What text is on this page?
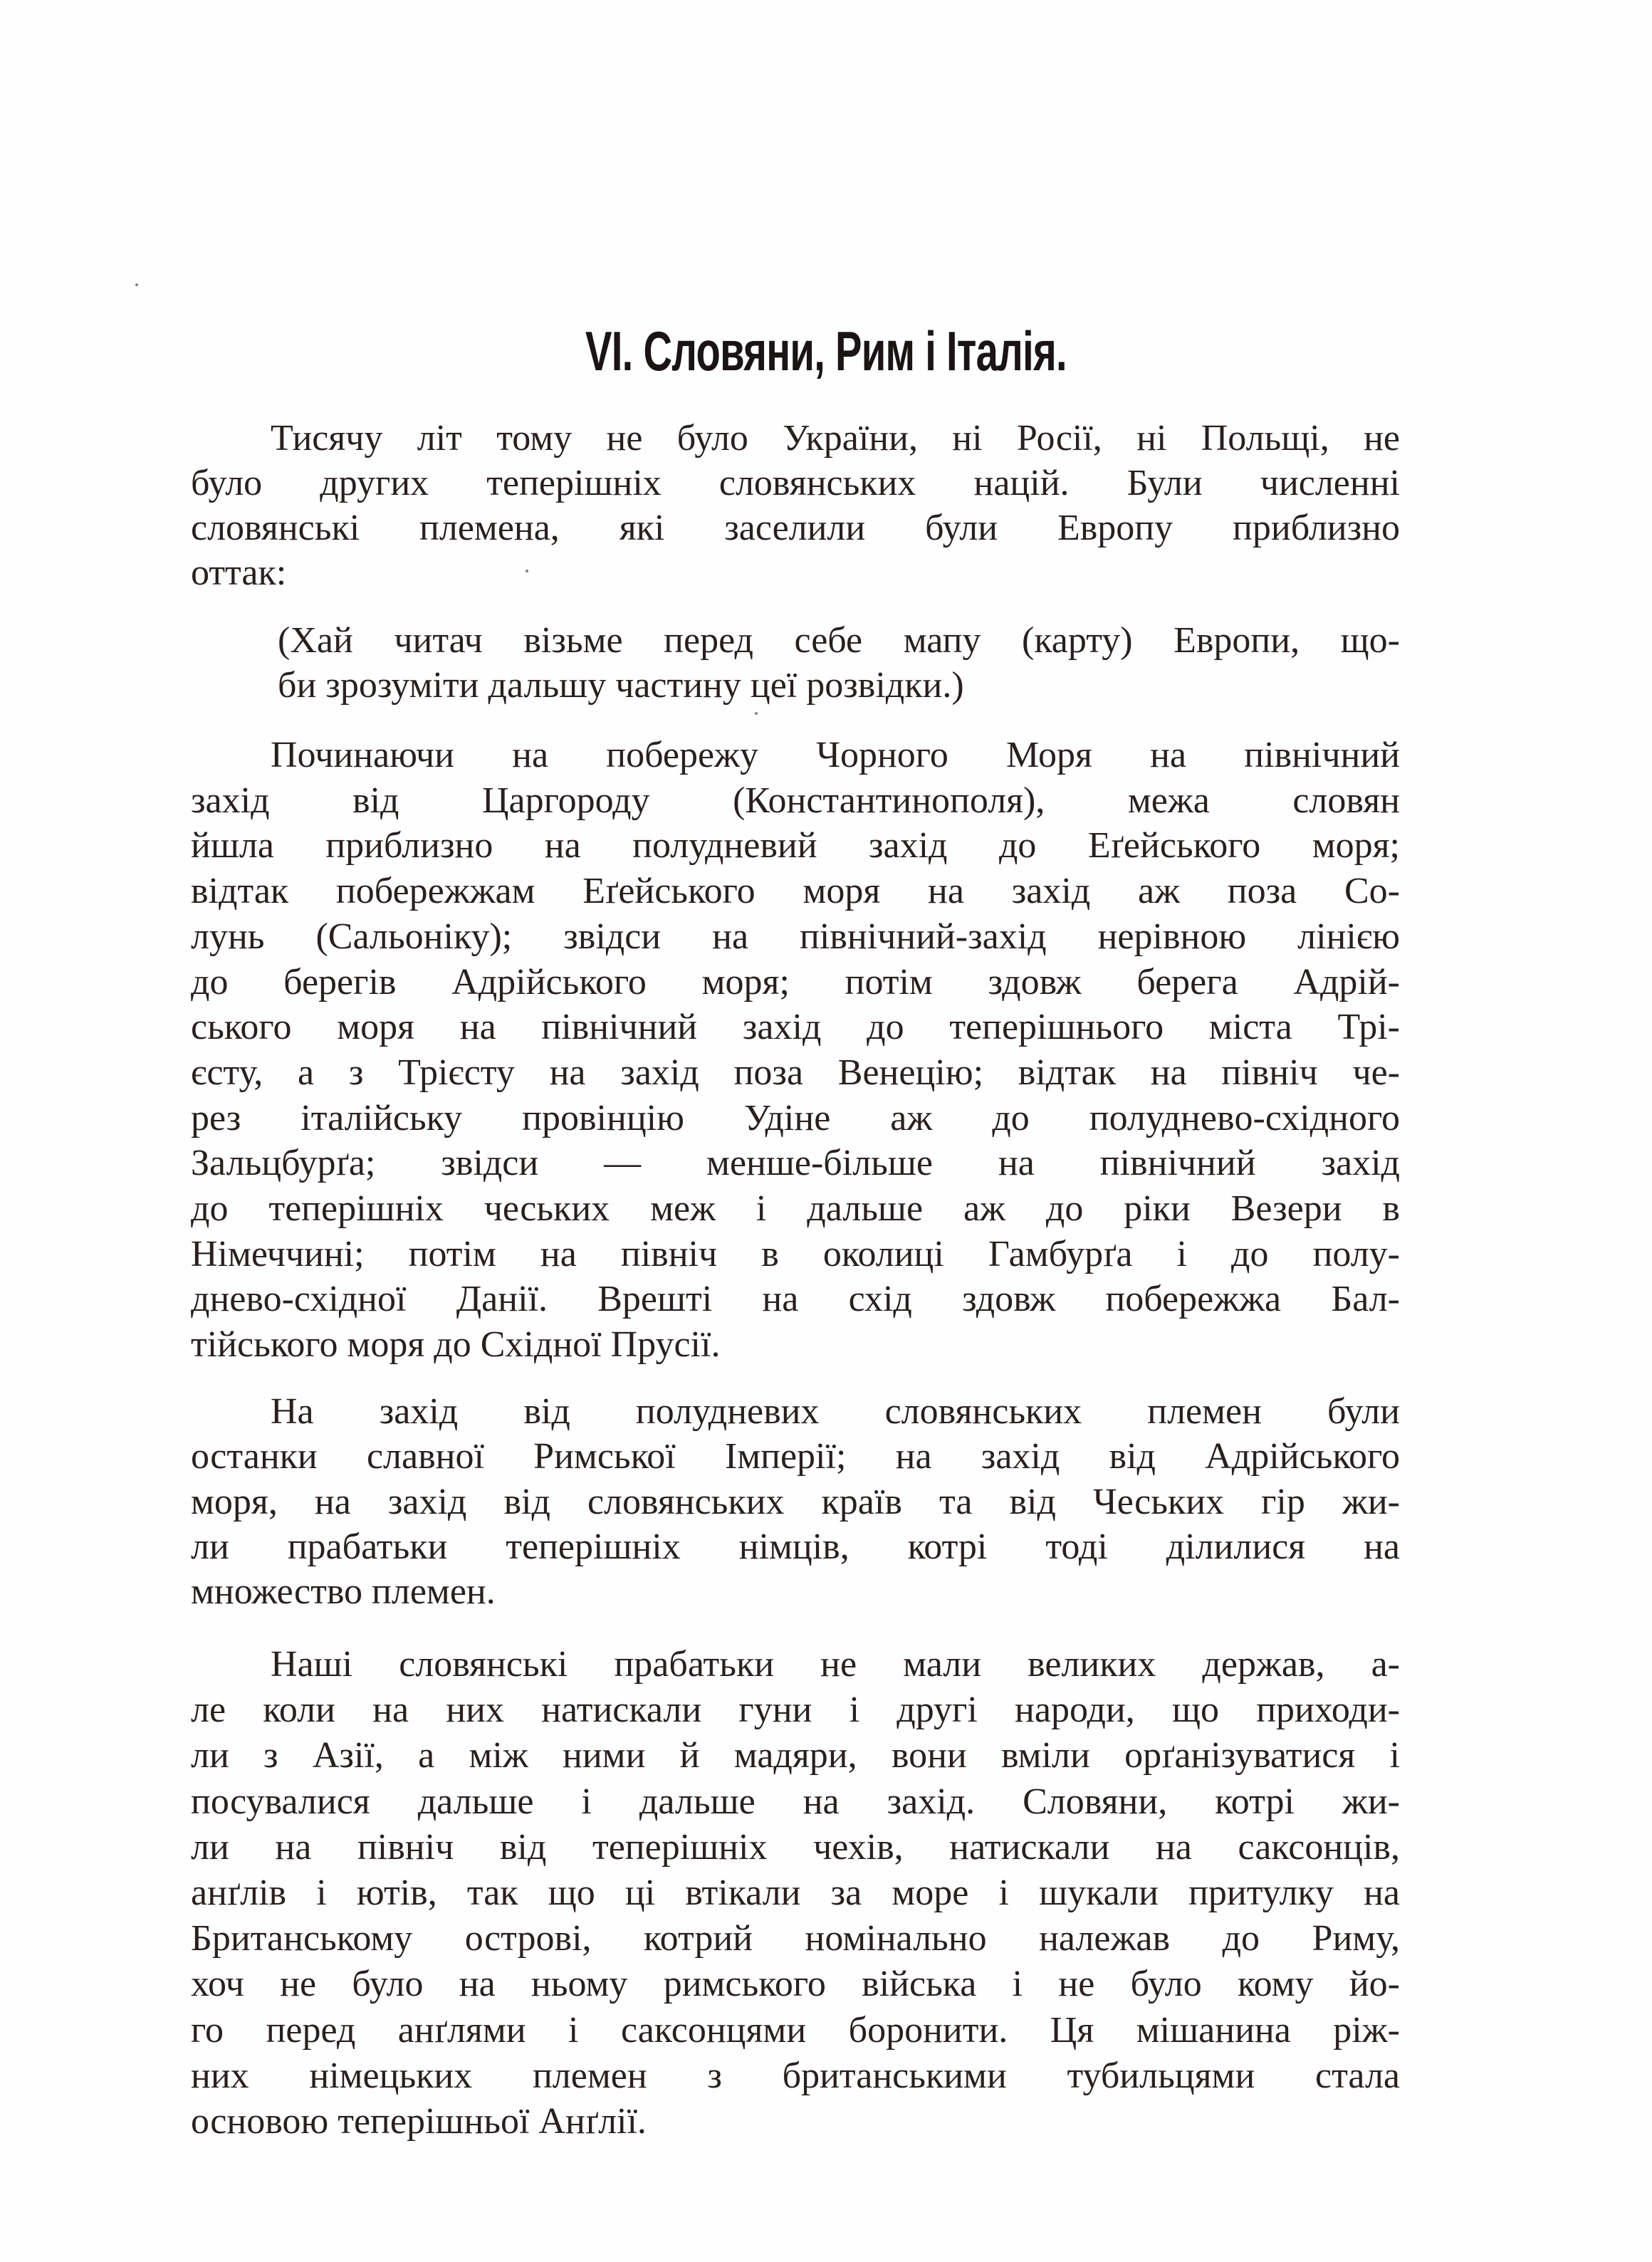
VI. Словяни, Рим і Італія.
Тисячу літ тому не було України, ні Росії, ні Польщі, не
було других теперішніх словянських націй. Були численні
словянські племена, які заселили були Европу приблизно
оттак:
(Хай читач візьме перед себе мапу (карту) Европи, що-
би зрозуміти дальшу частину цеї розвідки.)
Починаючи на побережу Чорного Моря на північний
захід від Царгороду (Константинополя), межа словян
йшла приблизно на полудневий захід до Еґейського моря;
відтак побережжам Еґейського моря на захід аж поза Со-
лунь (Сальоніку); звідси на північний-захід нерівною лінією
до берегів Адрійського моря; потім здовж берега Адрій-
ського моря на північний захід до теперішнього міста Трі-
єсту, а з Трієсту на захід поза Венецію; відтак на північ че-
рез італійську провінцію Удіне аж до полудневo-східного
Зальцбурґа; звідси — менше-більше на північний захід
до теперішніх чеських меж і дальше аж до ріки Везери в
Німеччині; потім на північ в околиці Гамбурґа і до полу-
днево-східної Данії. Врешті на схід здовж побережжа Бал-
тійського моря до Східної Прусії.
На захід від полудневих словянських племен були
останки славної Римської Імперії; на захід від Адрійського
моря, на захід від словянських країв та від Чеських гір жи-
ли прабатьки теперішніх німців, котрі тоді ділилися на
множество племен.
Наші словянські прабатьки не мали великих держав, а-
ле коли на них натискали гуни і другі народи, що приходи-
ли з Азії, а між ними й мадяри, вони вміли орґанізуватися і
посувалися дальше і дальше на захід. Словяни, котрі жи-
ли на північ від теперішніх чехів, натискали на саксонців,
анґлів і ютів, так що ці втікали за море і шукали притулку на
Британському острові, котрий номінально належав до Риму,
хоч не було на ньому римського війська і не було кому йо-
го перед анґлями і саксонцями боронити. Ця мішанина ріж-
них німецьких племен з британськими тубильцями стала
основою теперішньої Анґлії.
